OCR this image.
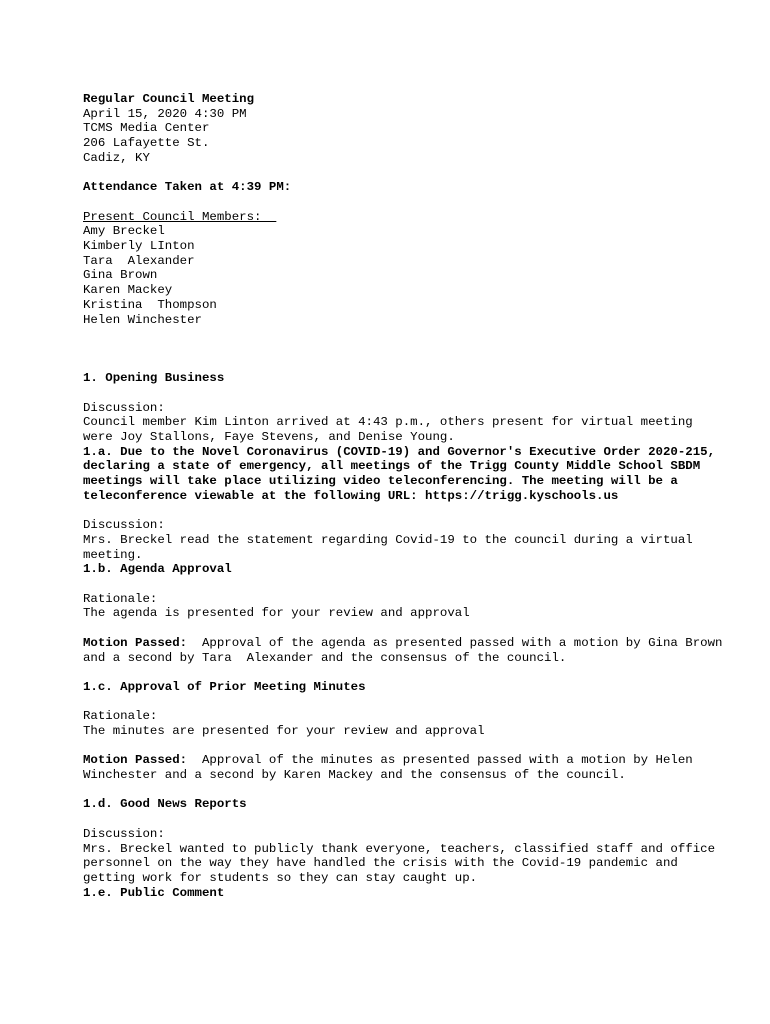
Regular Council Meeting
April 15, 2020 4:30 PM
TCMS Media Center
206 Lafayette St.
Cadiz, KY
Attendance Taken at 4:39 PM:
Present Council Members:
Amy Breckel
Kimberly LInton
Tara  Alexander
Gina Brown
Karen Mackey
Kristina  Thompson
Helen Winchester
1. Opening Business
Discussion:
Council member Kim Linton arrived at 4:43 p.m., others present for virtual meeting were Joy Stallons, Faye Stevens, and Denise Young.
1.a. Due to the Novel Coronavirus (COVID-19) and Governor's Executive Order 2020-215, declaring a state of emergency, all meetings of the Trigg County Middle School SBDM meetings will take place utilizing video teleconferencing. The meeting will be a teleconference viewable at the following URL: https://trigg.kyschools.us
Discussion:
Mrs. Breckel read the statement regarding Covid-19 to the council during a virtual meeting.
1.b. Agenda Approval
Rationale:
The agenda is presented for your review and approval
Motion Passed:  Approval of the agenda as presented passed with a motion by Gina Brown and a second by Tara  Alexander and the consensus of the council.
1.c. Approval of Prior Meeting Minutes
Rationale:
The minutes are presented for your review and approval
Motion Passed:  Approval of the minutes as presented passed with a motion by Helen Winchester and a second by Karen Mackey and the consensus of the council.
1.d. Good News Reports
Discussion:
Mrs. Breckel wanted to publicly thank everyone, teachers, classified staff and office personnel on the way they have handled the crisis with the Covid-19 pandemic and getting work for students so they can stay caught up.
1.e. Public Comment
